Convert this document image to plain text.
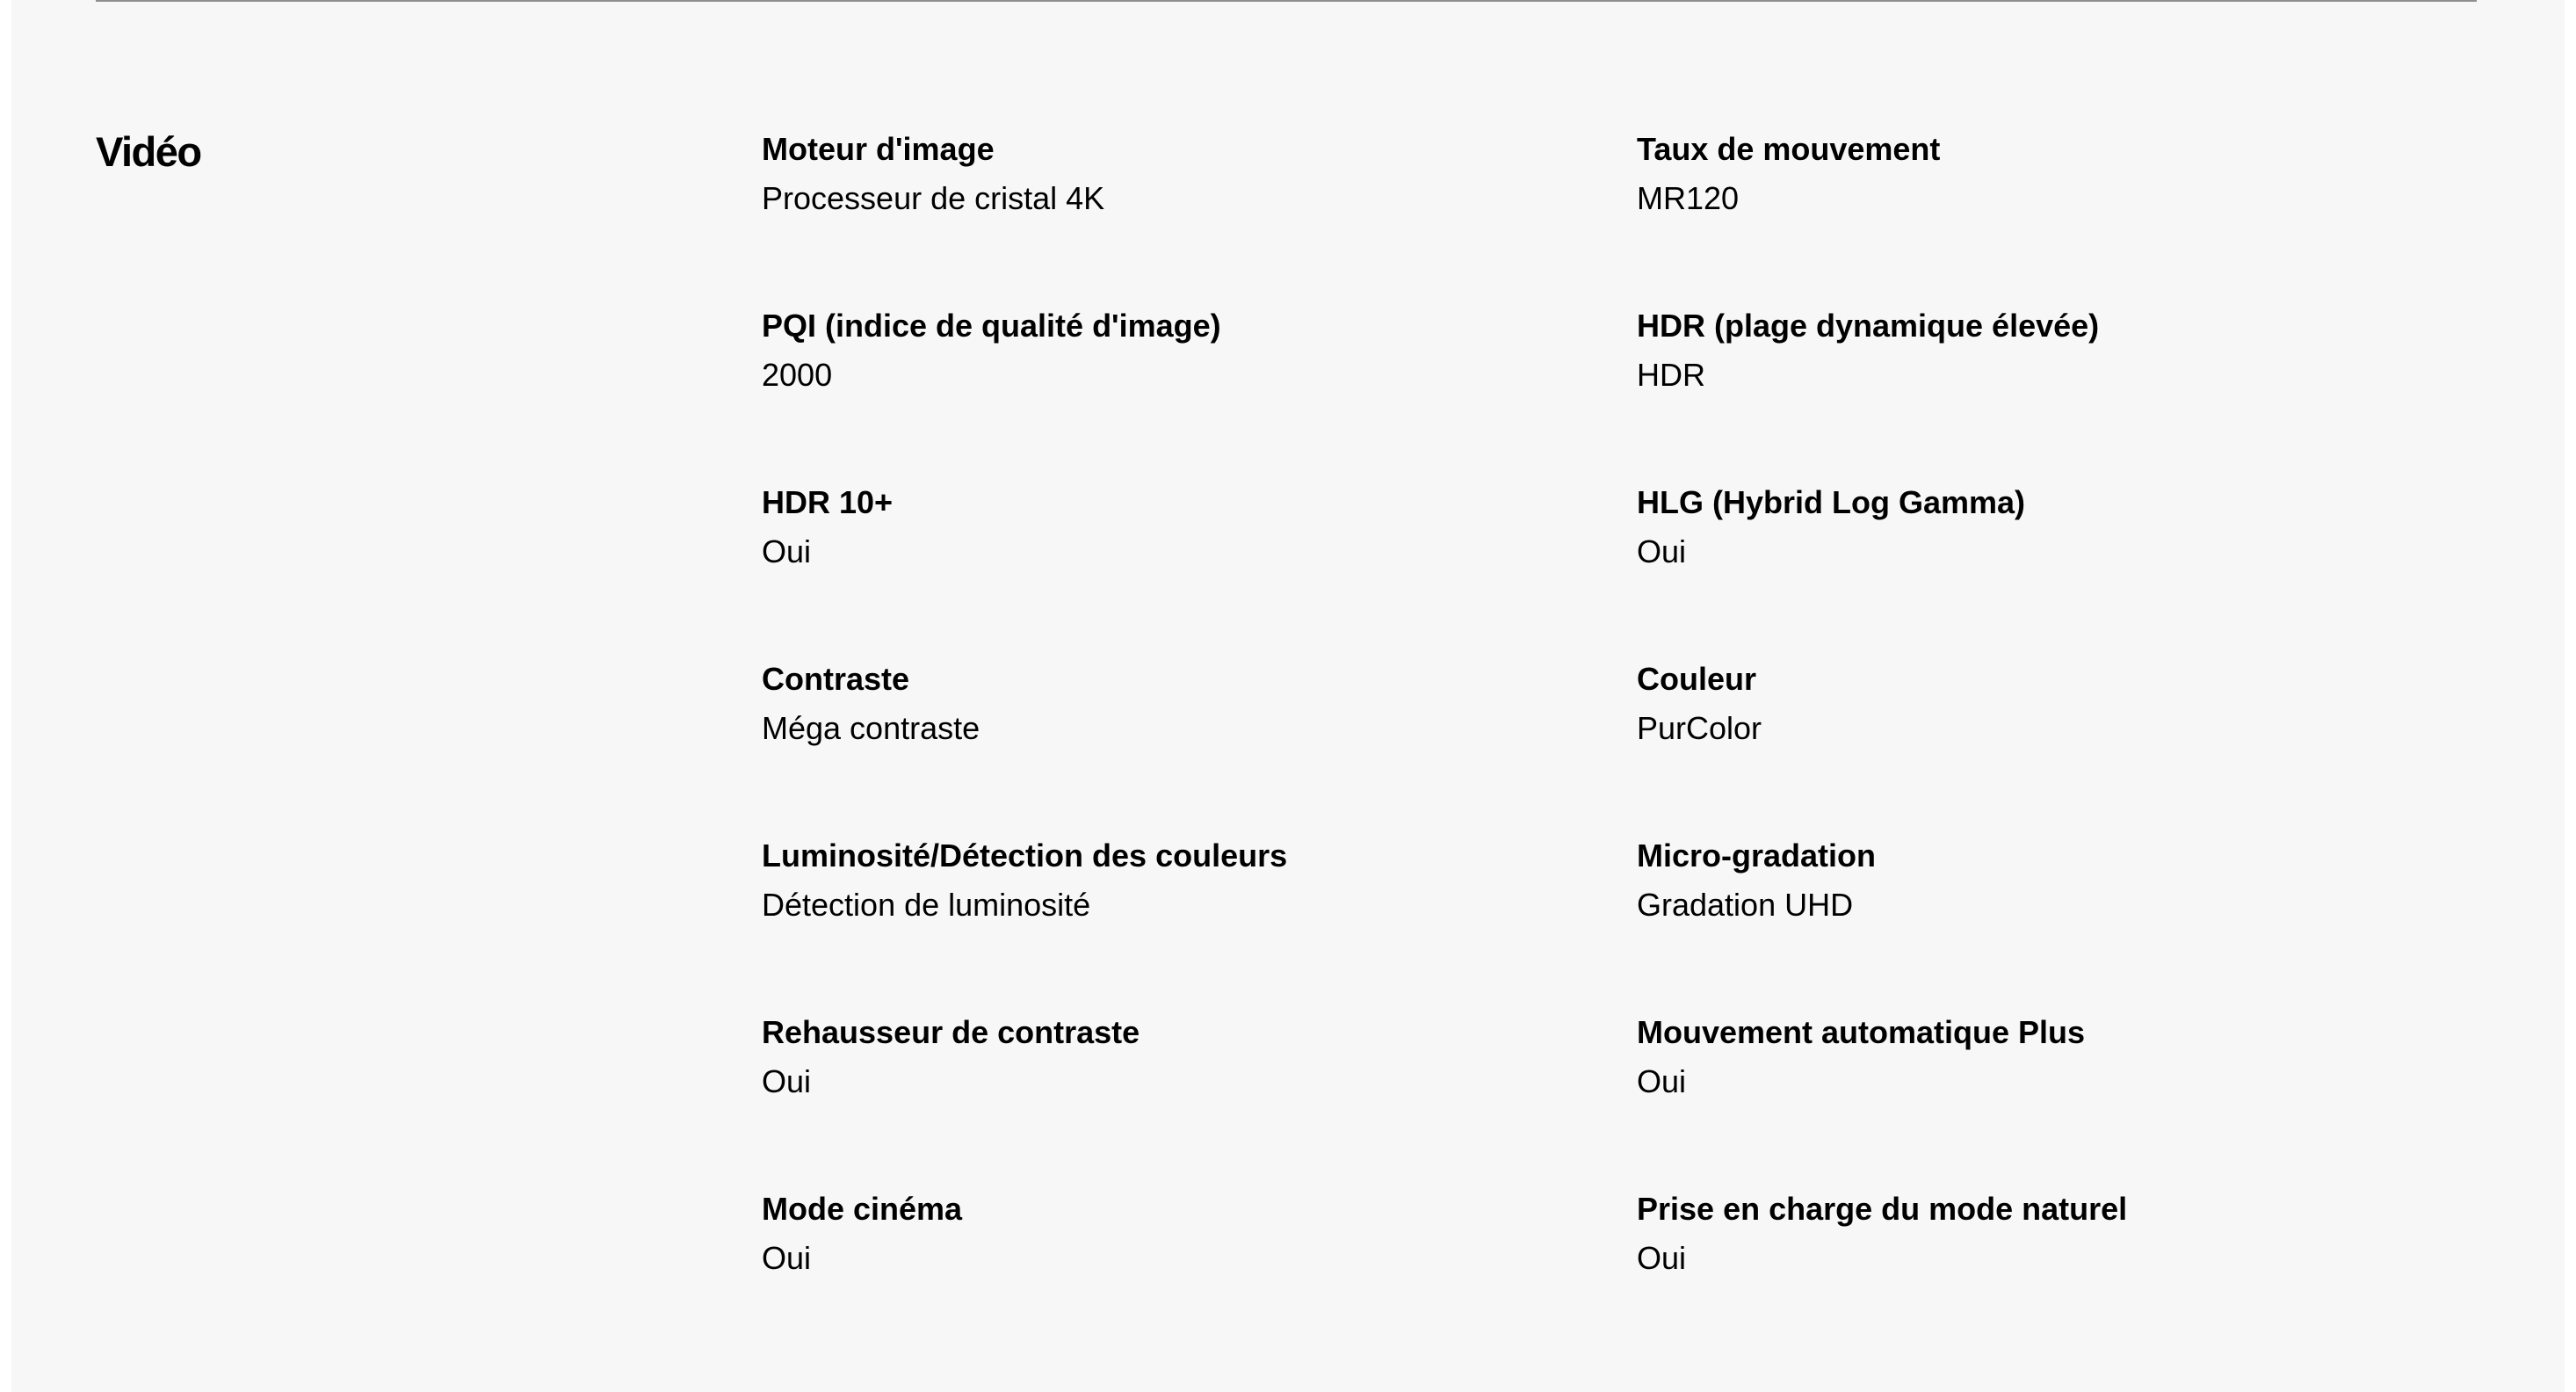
Vidéo	Moteur d'image
Processeur de cristal 4K
Taux de mouvement
MR120
PQI (indice de qualité d'image)
2000
HDR (plage dynamique élevée)
HDR
HDR 10+
Oui
HLG (Hybrid Log Gamma)
Oui
Contraste
Méga contraste
Couleur
PurColor
Luminosité/Détection des couleurs
Détection de luminosité
Micro-gradation
Gradation UHD
Rehausseur de contraste
Oui
Mouvement automatique Plus
Oui
Mode cinéma
Oui
Prise en charge du mode naturel
Oui
